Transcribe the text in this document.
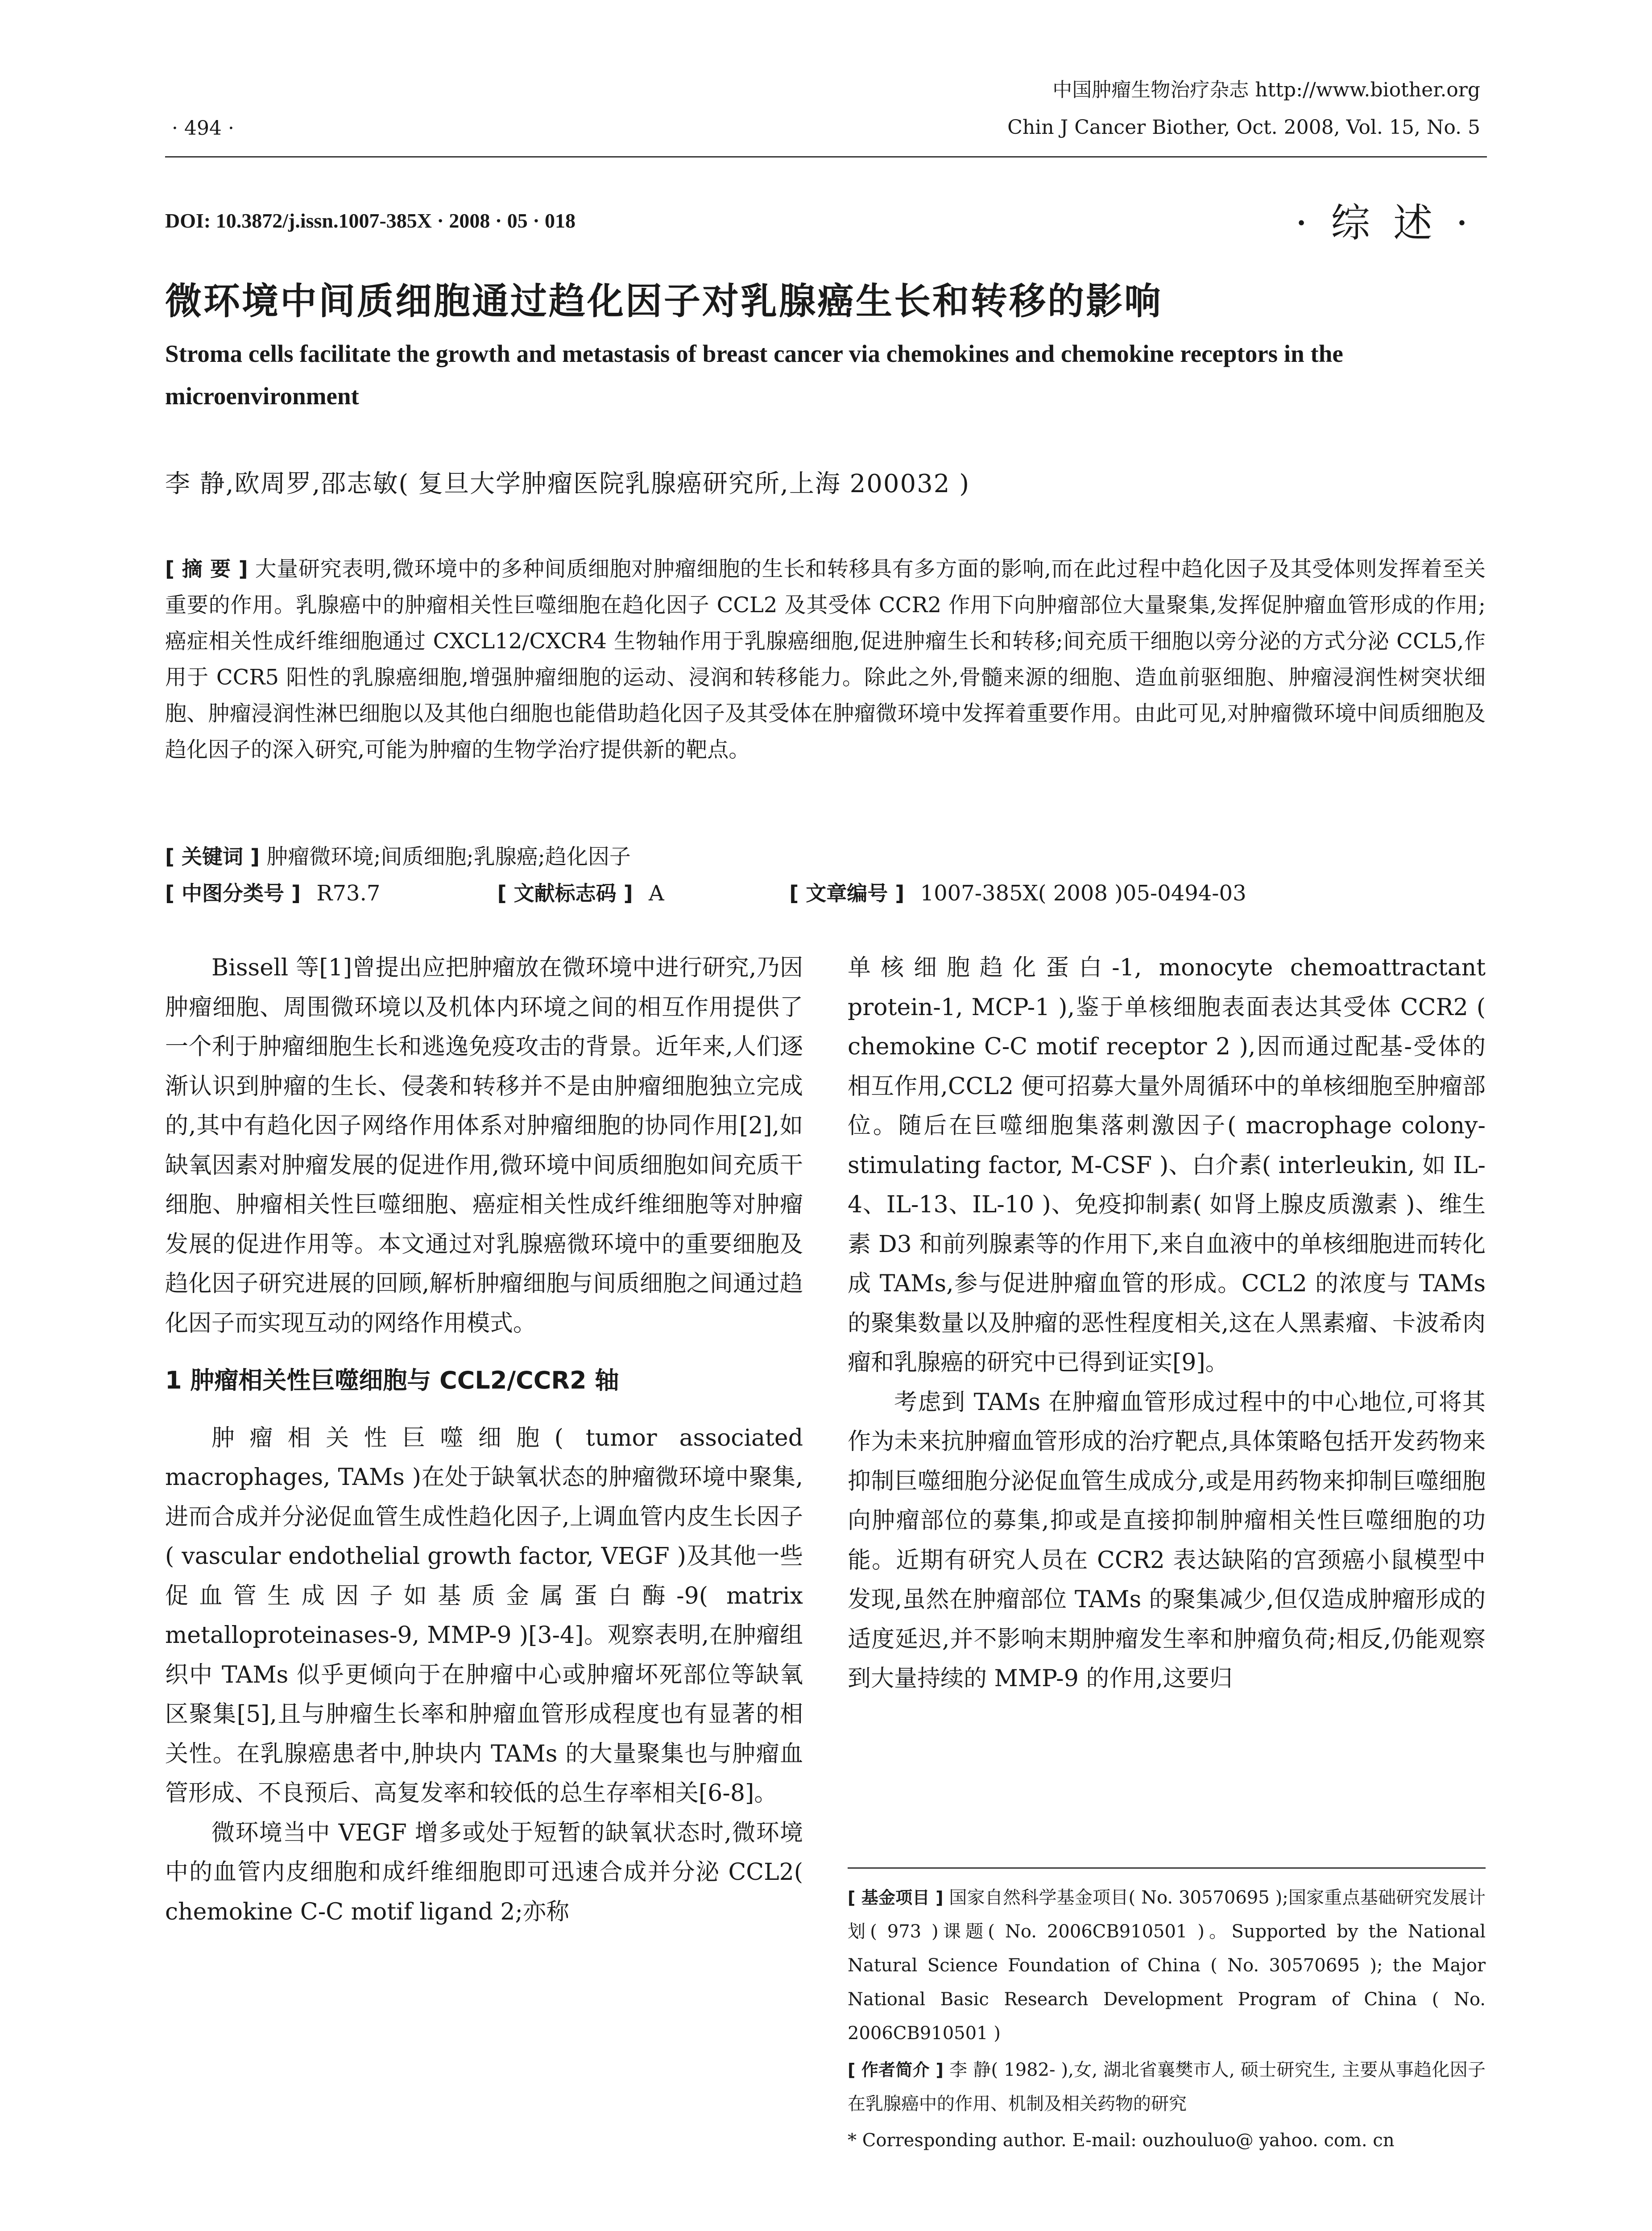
· 494 ·
中国肿瘤生物治疗杂志 http://www.biother.org
Chin J Cancer Biother, Oct. 2008, Vol. 15, No. 5
DOI: 10.3872/j.issn.1007-385X · 2008 · 05 · 018	· 综 述 ·
微环境中间质细胞通过趋化因子对乳腺癌生长和转移的影响
Stroma cells facilitate the growth and metastasis of breast cancer via chemokines and chemokine receptors in the microenvironment
李 静,欧周罗,邵志敏( 复旦大学肿瘤医院乳腺癌研究所,上海 200032 )
[ 摘 要 ] 大量研究表明,微环境中的多种间质细胞对肿瘤细胞的生长和转移具有多方面的影响,而在此过程中趋化因子及其受体则发挥着至关重要的作用。乳腺癌中的肿瘤相关性巨噬细胞在趋化因子 CCL2 及其受体 CCR2 作用下向肿瘤部位大量聚集,发挥促肿瘤血管形成的作用;癌症相关性成纤维细胞通过 CXCL12/CXCR4 生物轴作用于乳腺癌细胞,促进肿瘤生长和转移;间充质干细胞以旁分泌的方式分泌 CCL5,作用于 CCR5 阳性的乳腺癌细胞,增强肿瘤细胞的运动、浸润和转移能力。除此之外,骨髓来源的细胞、造血前驱细胞、肿瘤浸润性树突状细胞、肿瘤浸润性淋巴细胞以及其他白细胞也能借助趋化因子及其受体在肿瘤微环境中发挥着重要作用。由此可见,对肿瘤微环境中间质细胞及趋化因子的深入研究,可能为肿瘤的生物学治疗提供新的靶点。
[ 关键词 ] 肿瘤微环境;间质细胞;乳腺癌;趋化因子
[ 中图分类号 ] R73.7	[ 文献标志码 ] A	[ 文章编号 ] 1007-385X( 2008 )05-0494-03

Bissell 等[1]曾提出应把肿瘤放在微环境中进行研究,乃因肿瘤细胞、周围微环境以及机体内环境之间的相互作用提供了一个利于肿瘤细胞生长和逃逸免疫攻击的背景。近年来,人们逐渐认识到肿瘤的生长、侵袭和转移并不是由肿瘤细胞独立完成的,其中有趋化因子网络作用体系对肿瘤细胞的协同作用[2],如缺氧因素对肿瘤发展的促进作用,微环境中间质细胞如间充质干细胞、肿瘤相关性巨噬细胞、癌症相关性成纤维细胞等对肿瘤发展的促进作用等。本文通过对乳腺癌微环境中的重要细胞及趋化因子研究进展的回顾,解析肿瘤细胞与间质细胞之间通过趋化因子而实现互动的网络作用模式。

1 肿瘤相关性巨噬细胞与 CCL2/CCR2 轴

肿瘤相关性巨噬细胞( tumor associated macrophages, TAMs )在处于缺氧状态的肿瘤微环境中聚集,进而合成并分泌促血管生成性趋化因子,上调血管内皮生长因子( vascular endothelial growth factor, VEGF )及其他一些促血管生成因子如基质金属蛋白酶-9( matrix metalloproteinases-9, MMP-9 )[3-4]。观察表明,在肿瘤组织中 TAMs 似乎更倾向于在肿瘤中心或肿瘤坏死部位等缺氧区聚集[5],且与肿瘤生长率和肿瘤血管形成程度也有显著的相关性。在乳腺癌患者中,肿块内 TAMs 的大量聚集也与肿瘤血管形成、不良预后、高复发率和较低的总生存率相关[6-8]。

微环境当中 VEGF 增多或处于短暂的缺氧状态时,微环境中的血管内皮细胞和成纤维细胞即可迅速合成并分泌 CCL2( chemokine C-C motif ligand 2;亦称

单核细胞趋化蛋白-1, monocyte chemoattractant protein-1, MCP-1 ),鉴于单核细胞表面表达其受体 CCR2 ( chemokine C-C motif receptor 2 ),因而通过配基-受体的相互作用,CCL2 便可招募大量外周循环中的单核细胞至肿瘤部位。随后在巨噬细胞集落刺激因子( macrophage colony-stimulating factor, M-CSF )、白介素( interleukin, 如 IL-4、IL-13、IL-10 )、免疫抑制素( 如肾上腺皮质激素 )、维生素 D3 和前列腺素等的作用下,来自血液中的单核细胞进而转化成 TAMs,参与促进肿瘤血管的形成。CCL2 的浓度与 TAMs 的聚集数量以及肿瘤的恶性程度相关,这在人黑素瘤、卡波希肉瘤和乳腺癌的研究中已得到证实[9]。

考虑到 TAMs 在肿瘤血管形成过程中的中心地位,可将其作为未来抗肿瘤血管形成的治疗靶点,具体策略包括开发药物来抑制巨噬细胞分泌促血管生成成分,或是用药物来抑制巨噬细胞向肿瘤部位的募集,抑或是直接抑制肿瘤相关性巨噬细胞的功能。近期有研究人员在 CCR2 表达缺陷的宫颈癌小鼠模型中发现,虽然在肿瘤部位 TAMs 的聚集减少,但仅造成肿瘤形成的适度延迟,并不影响末期肿瘤发生率和肿瘤负荷;相反,仍能观察到大量持续的 MMP-9 的作用,这要归

[ 基金项目 ] 国家自然科学基金项目( No. 30570695 );国家重点基础研究发展计划( 973 )课题( No. 2006CB910501 )。Supported by the National Natural Science Foundation of China ( No. 30570695 ); the Major National Basic Research Development Program of China ( No. 2006CB910501 )
[ 作者简介 ] 李 静( 1982- ),女, 湖北省襄樊市人, 硕士研究生, 主要从事趋化因子在乳腺癌中的作用、机制及相关药物的研究
* Corresponding author. E-mail: ouzhouluo@ yahoo. com. cn
